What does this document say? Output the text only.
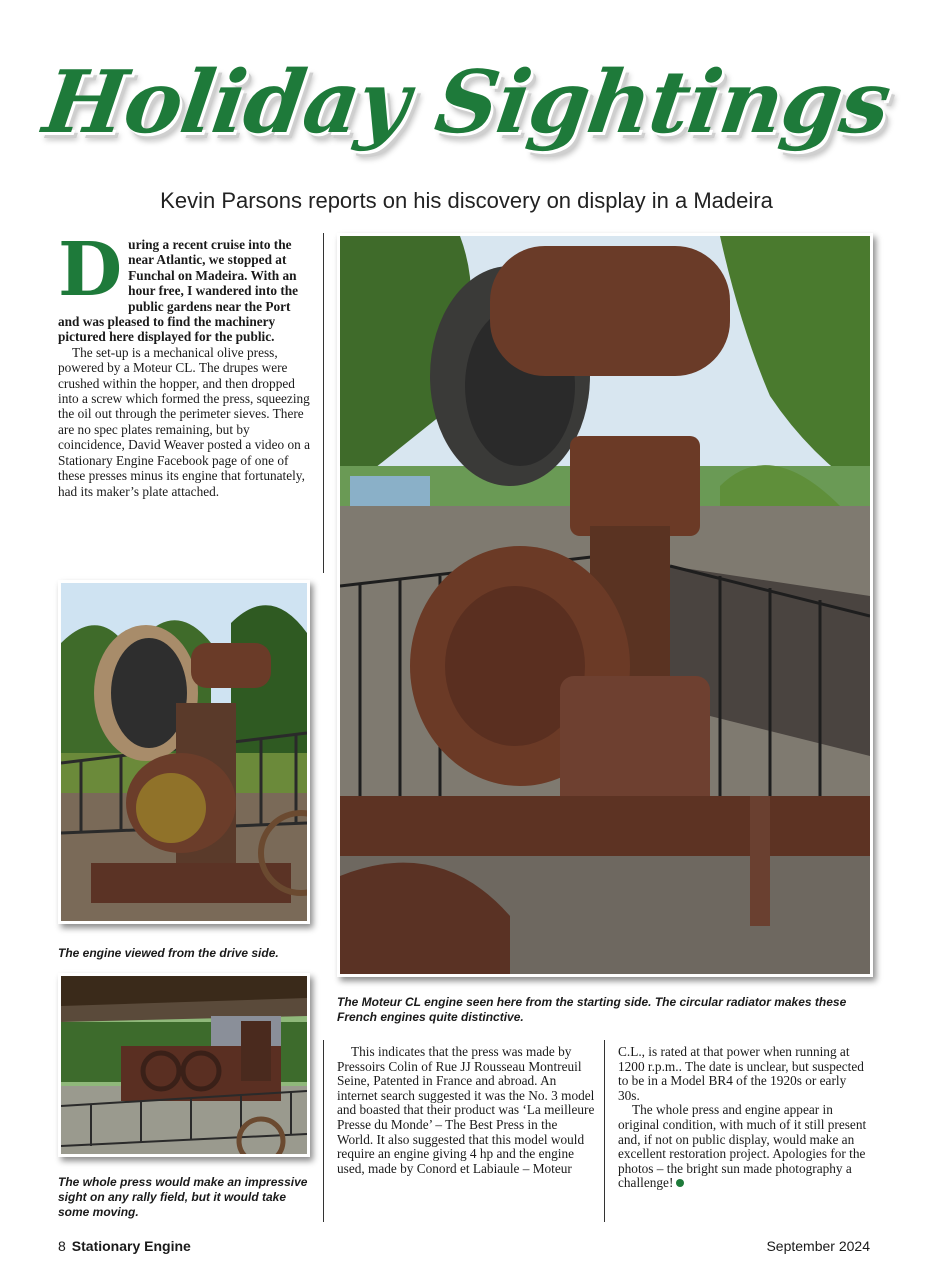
Holiday Sightings
Kevin Parsons reports on his discovery on display in a Madeira

During a recent cruise into the near Atlantic, we stopped at Funchal on Madeira. With an hour free, I wandered into the public gardens near the Port and was pleased to find the machinery pictured here displayed for the public.

The set-up is a mechanical olive press, powered by a Moteur CL. The drupes were crushed within the hopper, and then dropped into a screw which formed the press, squeezing the oil out through the perimeter sieves. There are no spec plates remaining, but by coincidence, David Weaver posted a video on a Stationary Engine Facebook page of one of these presses minus its engine that fortunately, had its maker’s plate attached.

The engine viewed from the drive side.
The whole press would make an impressive sight on any rally field, but it would take some moving.
The Moteur CL engine seen here from the starting side. The circular radiator makes these French engines quite distinctive.

This indicates that the press was made by Pressoirs Colin of Rue JJ Rousseau Montreuil Seine, Patented in France and abroad. An internet search suggested it was the No. 3 model and boasted that their product was ‘La meilleure Presse du Monde’ – The Best Press in the World. It also suggested that this model would require an engine giving 4 hp and the engine used, made by Conord et Labiaule – Moteur

C.L., is rated at that power when running at 1200 r.p.m.. The date is unclear, but suspected to be in a Model BR4 of the 1920s or early 30s.

The whole press and engine appear in original condition, with much of it still present and, if not on public display, would make an excellent restoration project. Apologies for the photos – the bright sun made photography a challenge!

8 Stationary Engine	September 2024
